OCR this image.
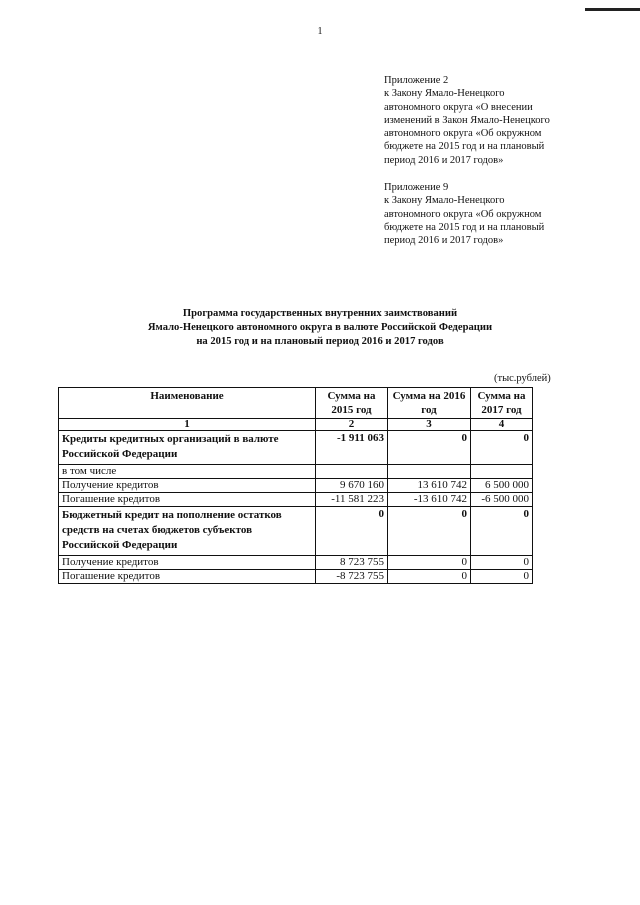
1
Приложение 2
к Закону Ямало-Ненецкого
автономного округа «О внесении
изменений в Закон Ямало-Ненецкого
автономного округа «Об окружном
бюджете на 2015 год и на плановый
период 2016 и 2017 годов»
Приложение 9
к Закону Ямало-Ненецкого
автономного округа «Об окружном
бюджете на 2015 год и на плановый
период 2016 и 2017 годов»
Программа государственных внутренних заимствований
Ямало-Ненецкого автономного округа в валюте Российской Федерации
на 2015 год и на плановый период 2016 и 2017 годов
(тыс.рублей)
Наименование	Сумма на 2015 год	Сумма на 2016 год	Сумма на 2017 год
1	2	3	4
Кредиты кредитных организаций в валюте Российской Федерации	-1 911 063	0	0
в том числе			
Получение кредитов	9 670 160	13 610 742	6 500 000
Погашение кредитов	-11 581 223	-13 610 742	-6 500 000
Бюджетный кредит на пополнение остатков средств на счетах бюджетов субъектов Российской Федерации	0	0	0
Получение кредитов	8 723 755	0	0
Погашение кредитов	-8 723 755	0	0
